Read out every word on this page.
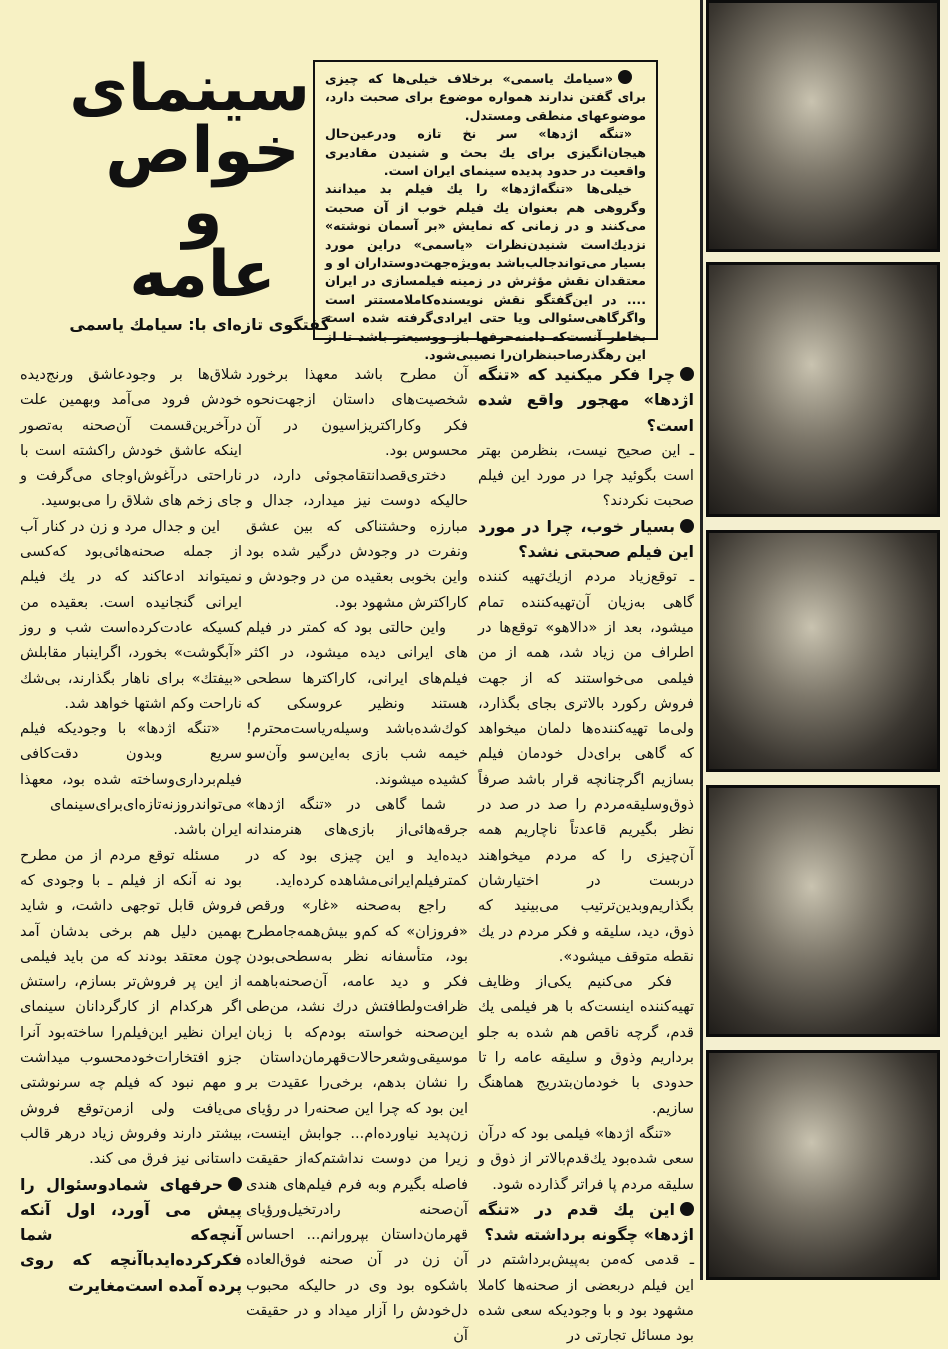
سینمای
خواص
و
عامه
گفتگوی تازه‌ای با: سیامك یاسمی

«سیامك یاسمی» برخلاف خیلی‌ها که چیزی برای گفتن ندارند همواره موضوع برای صحبت دارد، موضوعهای منطقی ومستدل.

«تنگه اژدها» سر نخ تازه ودرعین‌حال هیجان‌انگیزی برای یك بحث و شنیدن مقادیری واقعیت در حدود پدیده سینمای ایران است.

خیلی‌ها «تنگه‌اژدها» را یك فیلم بد میدانند وگروهی هم بعنوان یك فیلم خوب از آن صحبت می‌کنند و در زمانی که نمایش «بر آسمان نوشته» نزدیك‌است شنیدن‌نظرات «یاسمی» دراین مورد بسیار می‌تواندجالب‌باشد به‌ویژه‌جهت‌دوستداران او و معتقدان نقش مؤثرش در زمینه فیلمسازی در ایران .... در این‌گفتگو نقش نویسنده‌کاملامستتر است واگرگاهی‌سئوالی ویا حتی ایرادی‌گرفته شده است بخاطر آنست‌که دامنه‌حرفها باز ووسیعتر باشد تا از این رهگذرصاحبنظران‌را نصیبی‌شود.

چرا فکر میکنید که «تنگه اژدها» مهجور واقع شده است؟

ـ این صحیح نیست، بنظرمن بهتر است بگوئید چرا در مورد این فیلم صحبت نکردند؟

بسیار خوب، چرا در مورد این فیلم صحبتی نشد؟

ـ توقع‌زیاد مردم ازیك‌تهیه کننده گاهی به‌زیان آن‌تهیه‌کننده تمام میشود، بعد از «دالاهو» توقع‌ها در اطراف من زیاد شد، همه از من فیلمی می‌خواستند که از جهت فروش رکورد بالاتری بجای بگذارد، ولی‌ما تهیه‌کننده‌ها دلمان میخواهد که گاهی برای‌دل خودمان فیلم بسازیم اگرچنانچه قرار باشد صرفاً ذوق‌وسلیقه‌مردم را صد در صد در نظر بگیریم قاعدتاً ناچاریم همه آن‌چیزی را که مردم میخواهند دربست در اختیارشان بگذاریم‌وبدین‌ترتیب می‌بینید که ذوق، دید، سلیقه و فکر مردم در یك نقطه متوقف میشود».

فکر می‌کنیم یکی‌از وظایف تهیه‌کننده اینست‌که با هر فیلمی یك قدم، گرچه ناقص هم شده به جلو برداریم وذوق و سلیقه عامه را تا حدودی با خودمان‌بتدریج هماهنگ سازیم.

«تنگه اژدها» فیلمی بود که درآن سعی شده‌بود یك‌قدم‌بالاتر از ذوق و سلیقه مردم پا فراتر گذارده شود.

این یك قدم در «تنگه اژدها» چگونه برداشته شد؟

ـ قدمی که‌من به‌پیش‌برداشتم در این فیلم دربعضی از صحنه‌ها کاملا مشهود بود و با وجودیکه سعی شده بود مسائل تجارتی در

آن مطرح باشد معهذا برخورد شخصیت‌های داستان ازجهت‌نحوه فکر وکاراکتریزاسیون در آن محسوس بود.

دختری‌قصدانتقامجوئی دارد، در حالیکه دوست نیز میدارد، جدال و مبارزه وحشتناکی که بین عشق ونفرت در وجودش درگیر شده بود واین بخوبی بعقیده من در وجودش و کاراکترش مشهود بود.

واین حالتی بود که کمتر در فیلم های ایرانی دیده میشود، در اکثر فیلم‌های ایرانی، کاراکترها سطحی هستند ونظیر عروسکی که کوك‌شده‌باشد وسیله‌ریاست‌محترم! خیمه شب بازی به‌این‌سو وآن‌سو کشیده میشوند.

شما گاهی در «تنگه اژدها» جرقه‌هائی‌از بازی‌های هنرمندانه دیده‌اید و این چیزی بود که در کمترفیلم‌ایرانی‌مشاهده کرده‌اید.

راجع به‌صحنه «غار» ورقص «فروزان» که کم‌و بیش‌همه‌جامطرح بود، متأسفانه نظر به‌سطحی‌بودن فکر و دید عامه، آن‌صحنه‌باهمه ظرافت‌ولطافتش درك نشد، من‌طی این‌صحنه خواسته بودم‌که با زبان موسیقی‌وشعرحالات‌قهرمان‌داستان را نشان بدهم، برخی‌را عقیدت بر این بود که چرا این صحنه‌را در رؤیای زن‌پدید نیاورده‌ام... جوابش اینست، زیرا من دوست نداشتم‌که‌از حقیقت فاصله بگیرم وبه فرم فیلم‌های هندی آن‌صحنه رادرتخیل‌ورؤیای قهرمان‌داستان بپرورانم... احساس آن زن در آن صحنه فوق‌العاده باشکوه بود وی در حالیکه محبوب دل‌خودش را آزار میداد و در حقیقت آن

شلاق‌ها بر وجودعاشق ورنج‌دیده‌ خودش فرود می‌آمد وبهمین علت درآخرین‌قسمت آن‌صحنه به‌تصور اینکه عاشق خودش راکشته است با ناراحتی درآغوش‌اوجای می‌گرفت و جای زخم های شلاق را می‌بوسید.

این و جدال مرد و زن در کنار آب از جمله صحنه‌هائی‌بود که‌کسی نمیتواند ادعاکند که در یك فیلم ایرانی گنجانیده است. بعقیده من کسیکه عادت‌کرده‌است شب و روز «آبگوشت» بخورد، اگراینبار مقابلش «بیفتك» برای ناهار بگذارند، بی‌شك ناراحت وکم اشتها خواهد شد.

«تنگه اژدها» با وجودیکه فیلم سریع وبدون دقت‌کافی فیلم‌برداری‌وساخته شده بود، معهذا می‌تواندروزنه‌تازه‌ای‌برای‌سینمای ایران باشد.

مسئله توقع مردم از من مطرح بود نه آنکه از فیلم ـ با وجودی که فروش قابل توجهی داشت، و شاید بهمین دلیل هم برخی بدشان آمد چون معتقد بودند که من باید فیلمی از این پر فروش‌تر بسازم، راستش اگر هرکدام از کارگردانان سینمای ایران نظیر این‌فیلم‌را ساخته‌بود آنرا جزو افتخارات‌خودمحسوب میداشت و مهم نبود که فیلم چه سرنوشتی می‌یافت ولی ازمن‌توقع فروش بیشتر دارند وفروش زیاد درهر قالب داستانی نیز فرق می کند.

حرفهای شمادوسئوال را پیش می آورد، اول آنکه آنچه‌که شما فکرکرده‌ایدبا‌آنچه که روی پرده آمده است‌مغایرت
